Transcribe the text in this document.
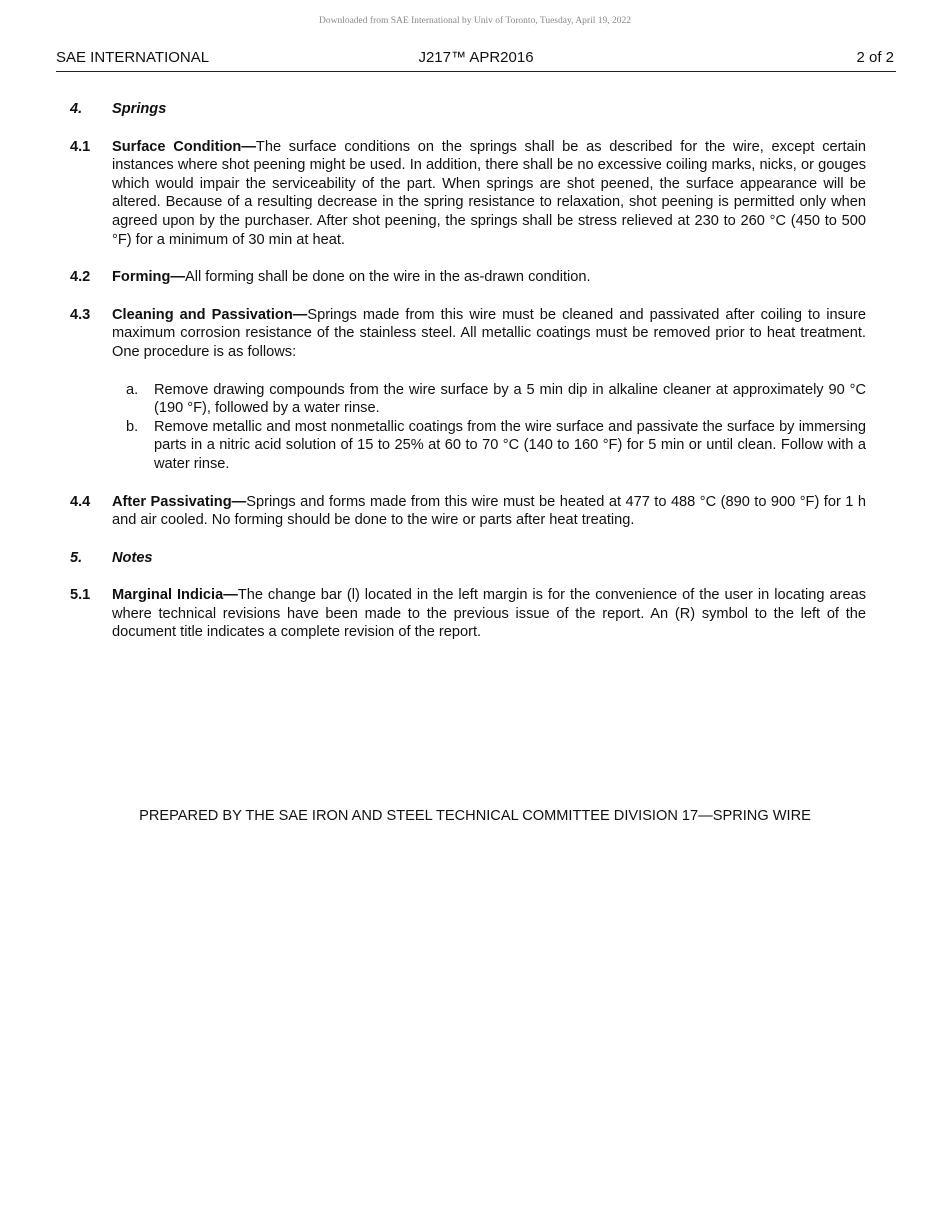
Downloaded from SAE International by Univ of Toronto, Tuesday, April 19, 2022
SAE INTERNATIONAL	J217™ APR2016	2 of 2
4. Springs
4.1 Surface Condition—The surface conditions on the springs shall be as described for the wire, except certain instances where shot peening might be used. In addition, there shall be no excessive coiling marks, nicks, or gouges which would impair the serviceability of the part. When springs are shot peened, the surface appearance will be altered. Because of a resulting decrease in the spring resistance to relaxation, shot peening is permitted only when agreed upon by the purchaser. After shot peening, the springs shall be stress relieved at 230 to 260 °C (450 to 500 °F) for a minimum of 30 min at heat.
4.2 Forming—All forming shall be done on the wire in the as-drawn condition.
4.3 Cleaning and Passivation—Springs made from this wire must be cleaned and passivated after coiling to insure maximum corrosion resistance of the stainless steel. All metallic coatings must be removed prior to heat treatment. One procedure is as follows:
a. Remove drawing compounds from the wire surface by a 5 min dip in alkaline cleaner at approximately 90 °C (190 °F), followed by a water rinse.
b. Remove metallic and most nonmetallic coatings from the wire surface and passivate the surface by immersing parts in a nitric acid solution of 15 to 25% at 60 to 70 °C (140 to 160 °F) for 5 min or until clean. Follow with a water rinse.
4.4 After Passivating—Springs and forms made from this wire must be heated at 477 to 488 °C (890 to 900 °F) for 1 h and air cooled. No forming should be done to the wire or parts after heat treating.
5. Notes
5.1 Marginal Indicia—The change bar (l) located in the left margin is for the convenience of the user in locating areas where technical revisions have been made to the previous issue of the report. An (R) symbol to the left of the document title indicates a complete revision of the report.
PREPARED BY THE SAE IRON AND STEEL TECHNICAL COMMITTEE DIVISION 17—SPRING WIRE
